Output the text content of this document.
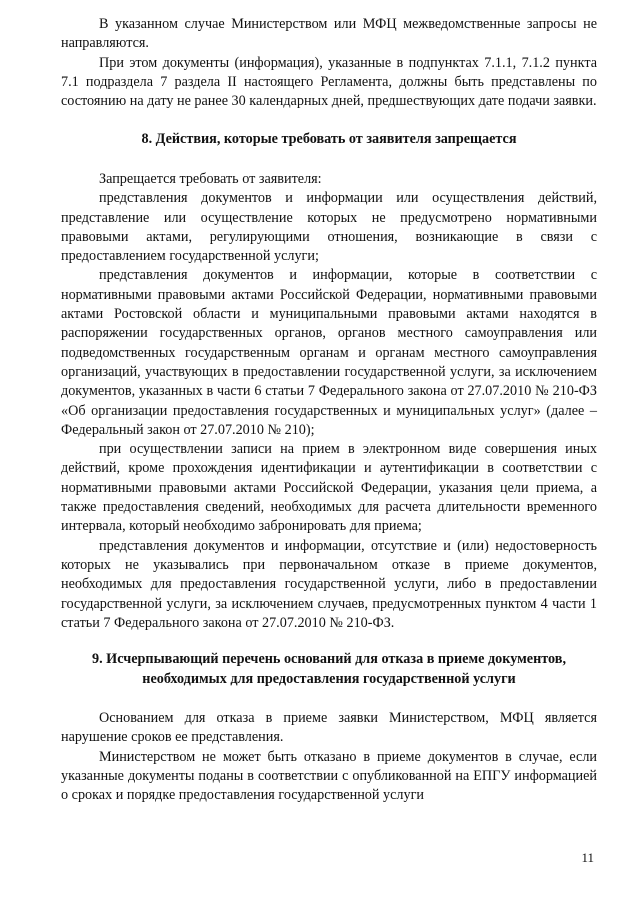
В указанном случае Министерством или МФЦ межведомственные запросы не направляются.

При этом документы (информация), указанные в подпунктах 7.1.1, 7.1.2 пункта 7.1 подраздела 7 раздела II настоящего Регламента, должны быть представлены по состоянию на дату не ранее 30 календарных дней, предшествующих дате подачи заявки.

8. Действия, которые требовать от заявителя запрещается

Запрещается требовать от заявителя:

представления документов и информации или осуществления действий, представление или осуществление которых не предусмотрено нормативными правовыми актами, регулирующими отношения, возникающие в связи с предоставлением государственной услуги;

представления документов и информации, которые в соответствии с нормативными правовыми актами Российской Федерации, нормативными правовыми актами Ростовской области и муниципальными правовыми актами находятся в распоряжении государственных органов, органов местного самоуправления или подведомственных государственным органам и органам местного самоуправления организаций, участвующих в предоставлении государственной услуги, за исключением документов, указанных в части 6 статьи 7 Федерального закона от 27.07.2010 № 210-ФЗ «Об организации предоставления государственных и муниципальных услуг» (далее – Федеральный закон от 27.07.2010 № 210);

при осуществлении записи на прием в электронном виде совершения иных действий, кроме прохождения идентификации и аутентификации в соответствии с нормативными правовыми актами Российской Федерации, указания цели приема, а также предоставления сведений, необходимых для расчета длительности временного интервала, который необходимо забронировать для приема;

представления документов и информации, отсутствие и (или) недостоверность которых не указывались при первоначальном отказе в приеме документов, необходимых для предоставления государственной услуги, либо в предоставлении государственной услуги, за исключением случаев, предусмотренных пунктом 4 части 1 статьи 7 Федерального закона от 27.07.2010 № 210-ФЗ.

9. Исчерпывающий перечень оснований для отказа в приеме документов,
необходимых для предоставления государственной услуги

Основанием для отказа в приеме заявки Министерством, МФЦ является нарушение сроков ее представления.

Министерством не может быть отказано в приеме документов в случае, если указанные документы поданы в соответствии с опубликованной на ЕПГУ информацией о сроках и порядке предоставления государственной услуги

11
